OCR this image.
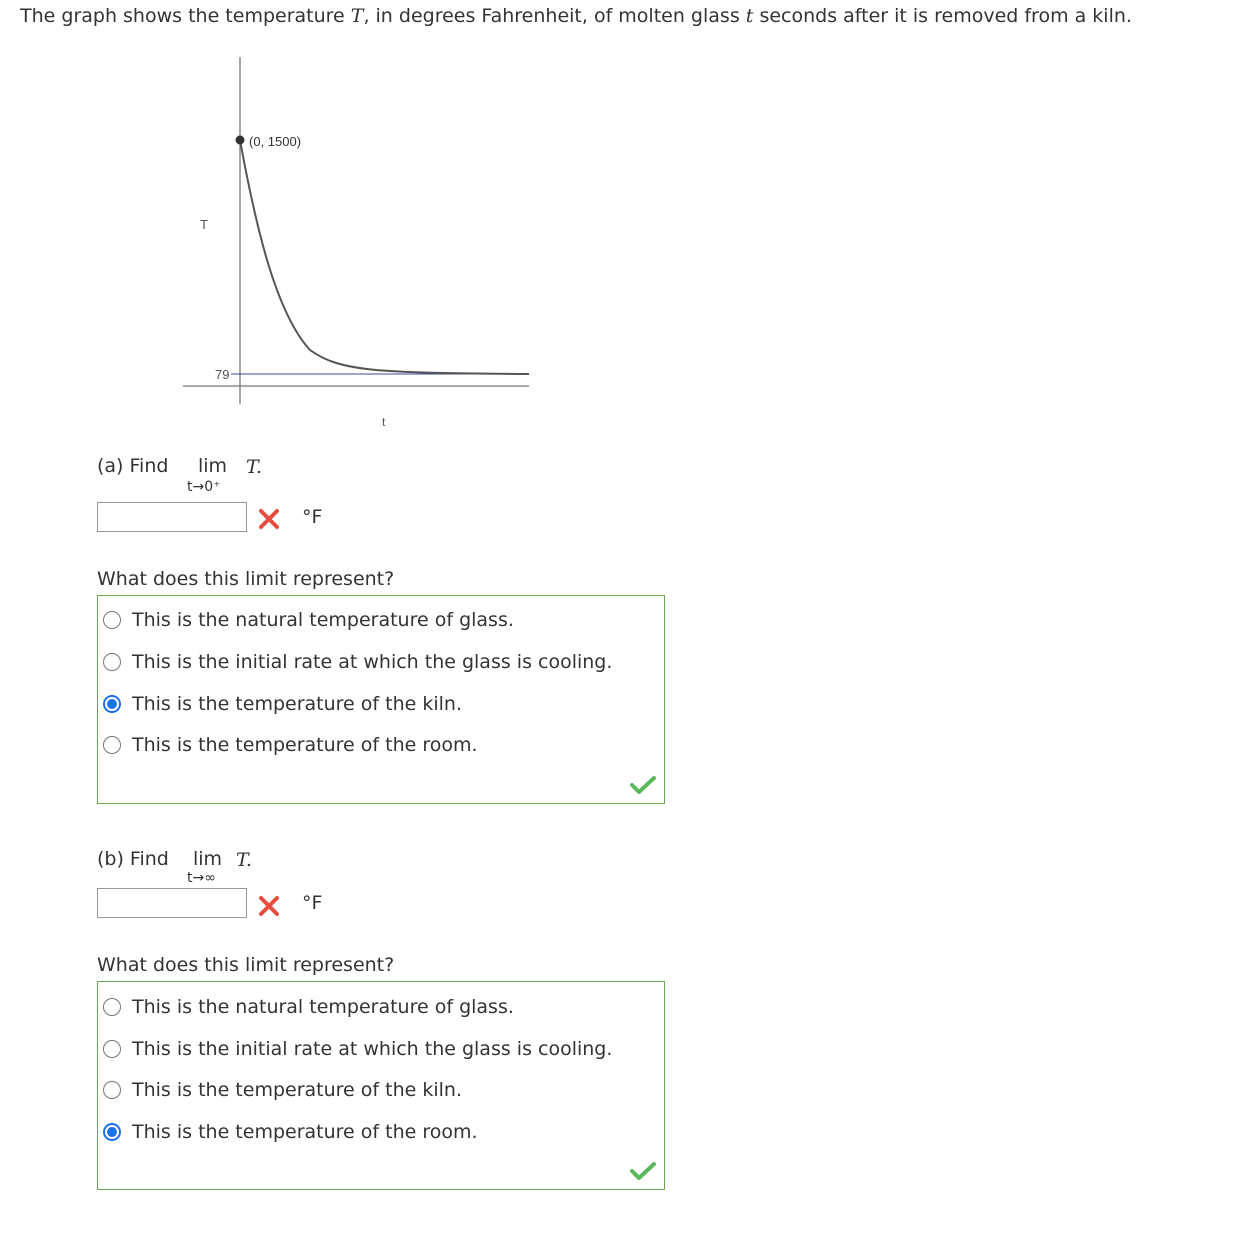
The graph shows the temperature T, in degrees Fahrenheit, of molten glass t seconds after it is removed from a kiln.
(0, 1500)
T
79
t
(a) Find lim T.
t→0⁺
°F
What does this limit represent?
This is the natural temperature of glass.
This is the initial rate at which the glass is cooling.
This is the temperature of the kiln.
This is the temperature of the room.
(b) Find lim T.
t→∞
°F
What does this limit represent?
This is the natural temperature of glass.
This is the initial rate at which the glass is cooling.
This is the temperature of the kiln.
This is the temperature of the room.
